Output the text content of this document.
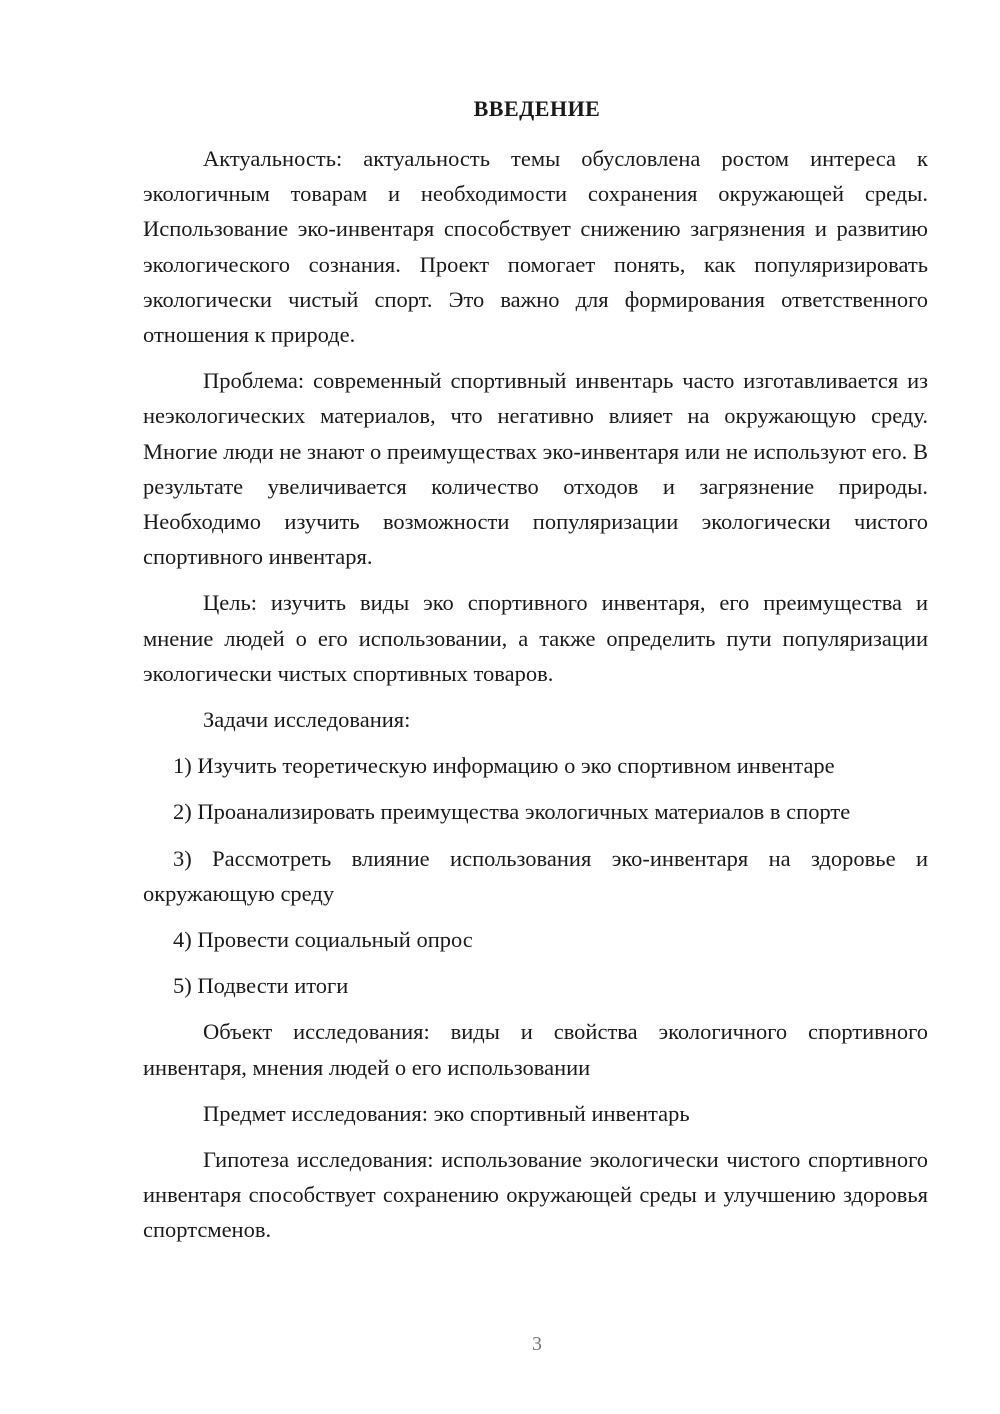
ВВЕДЕНИЕ

Актуальность: актуальность темы обусловлена ростом интереса к экологичным товарам и необходимости сохранения окружающей среды. Использование эко-инвентаря способствует снижению загрязнения и развитию экологического сознания. Проект помогает понять, как популяризировать экологически чистый спорт. Это важно для формирования ответственного отношения к природе.

Проблема: современный спортивный инвентарь часто изготавливается из неэкологических материалов, что негативно влияет на окружающую среду. Многие люди не знают о преимуществах эко-инвентаря или не используют его. В результате увеличивается количество отходов и загрязнение природы. Необходимо изучить возможности популяризации экологически чистого спортивного инвентаря.

Цель: изучить виды эко спортивного инвентаря, его преимущества и мнение людей о его использовании, а также определить пути популяризации экологически чистых спортивных товаров.

Задачи исследования:

1) Изучить теоретическую информацию о эко спортивном инвентаре

2) Проанализировать преимущества экологичных материалов в спорте

3) Рассмотреть влияние использования эко-инвентаря на здоровье и окружающую среду

4) Провести социальный опрос

5) Подвести итоги

Объект исследования: виды и свойства экологичного спортивного инвентаря, мнения людей о его использовании

Предмет исследования: эко спортивный инвентарь

Гипотеза исследования: использование экологически чистого спортивного инвентаря способствует сохранению окружающей среды и улучшению здоровья спортсменов.

3
